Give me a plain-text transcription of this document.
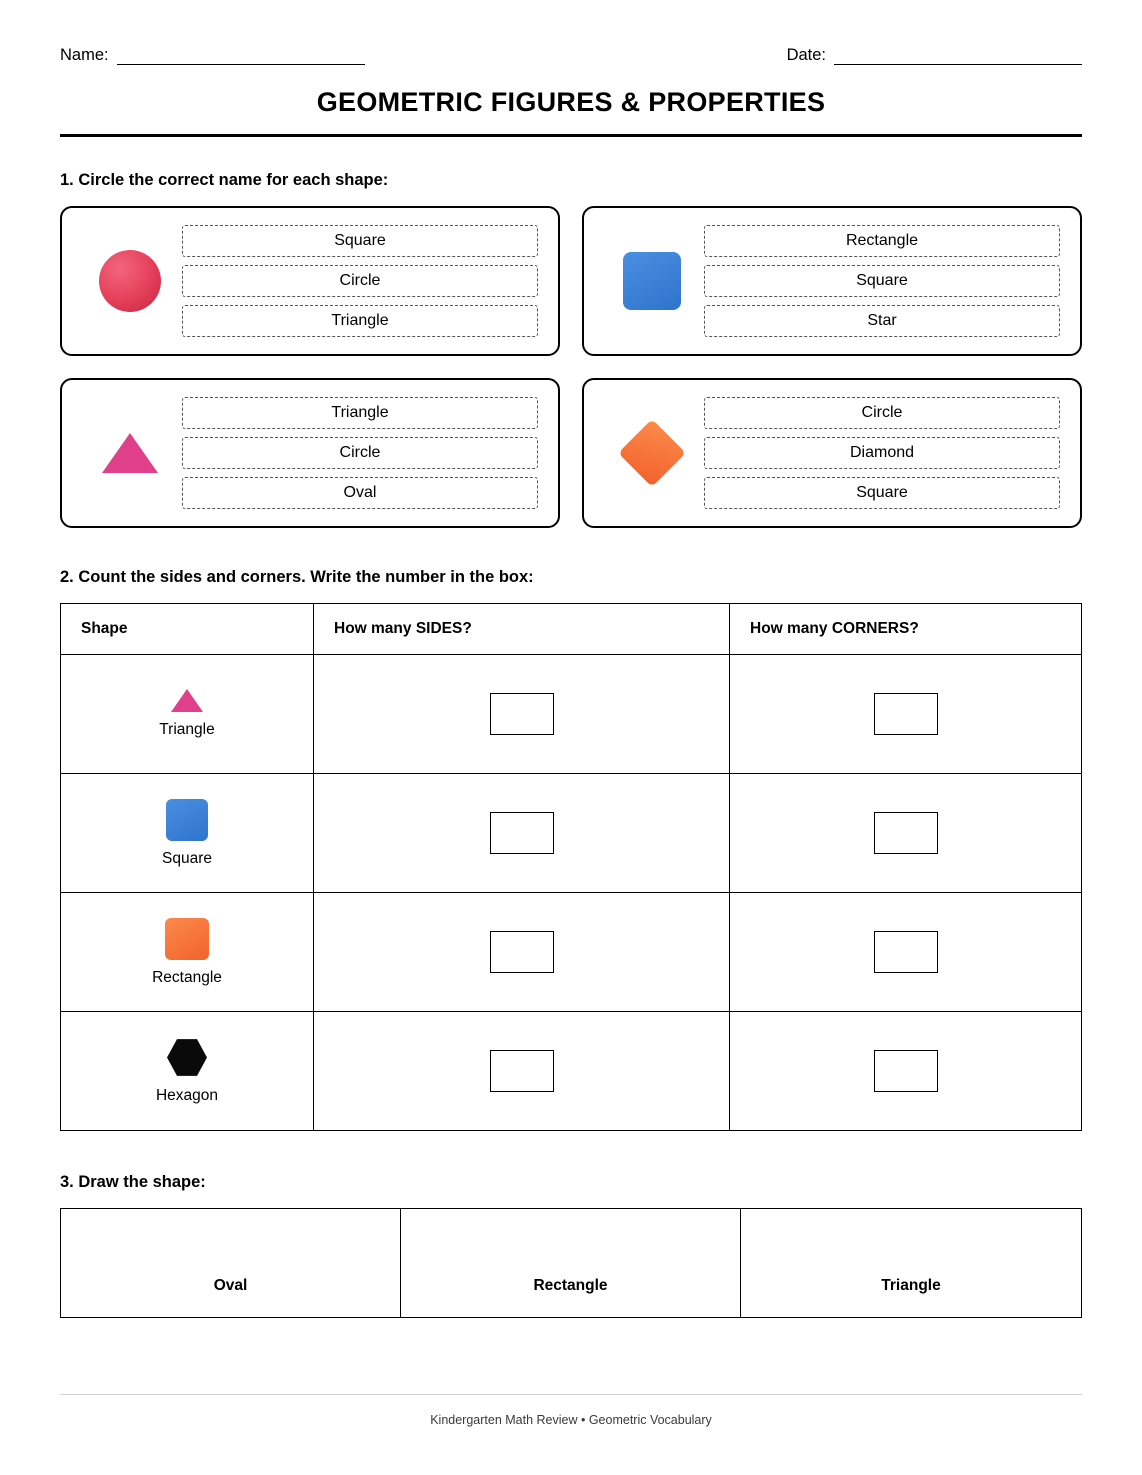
Name:	Date:
GEOMETRIC FIGURES & PROPERTIES
1. Circle the correct name for each shape:
Square
Circle
Triangle
Rectangle
Square
Star
Triangle
Circle
Oval
Circle
Diamond
Square
2. Count the sides and corners. Write the number in the box:
Shape	How many SIDES?	How many CORNERS?

Triangle		

Square		

Rectangle		

Hexagon		

3. Draw the shape:
Oval	Rectangle	Triangle
Kindergarten Math Review • Geometric Vocabulary
